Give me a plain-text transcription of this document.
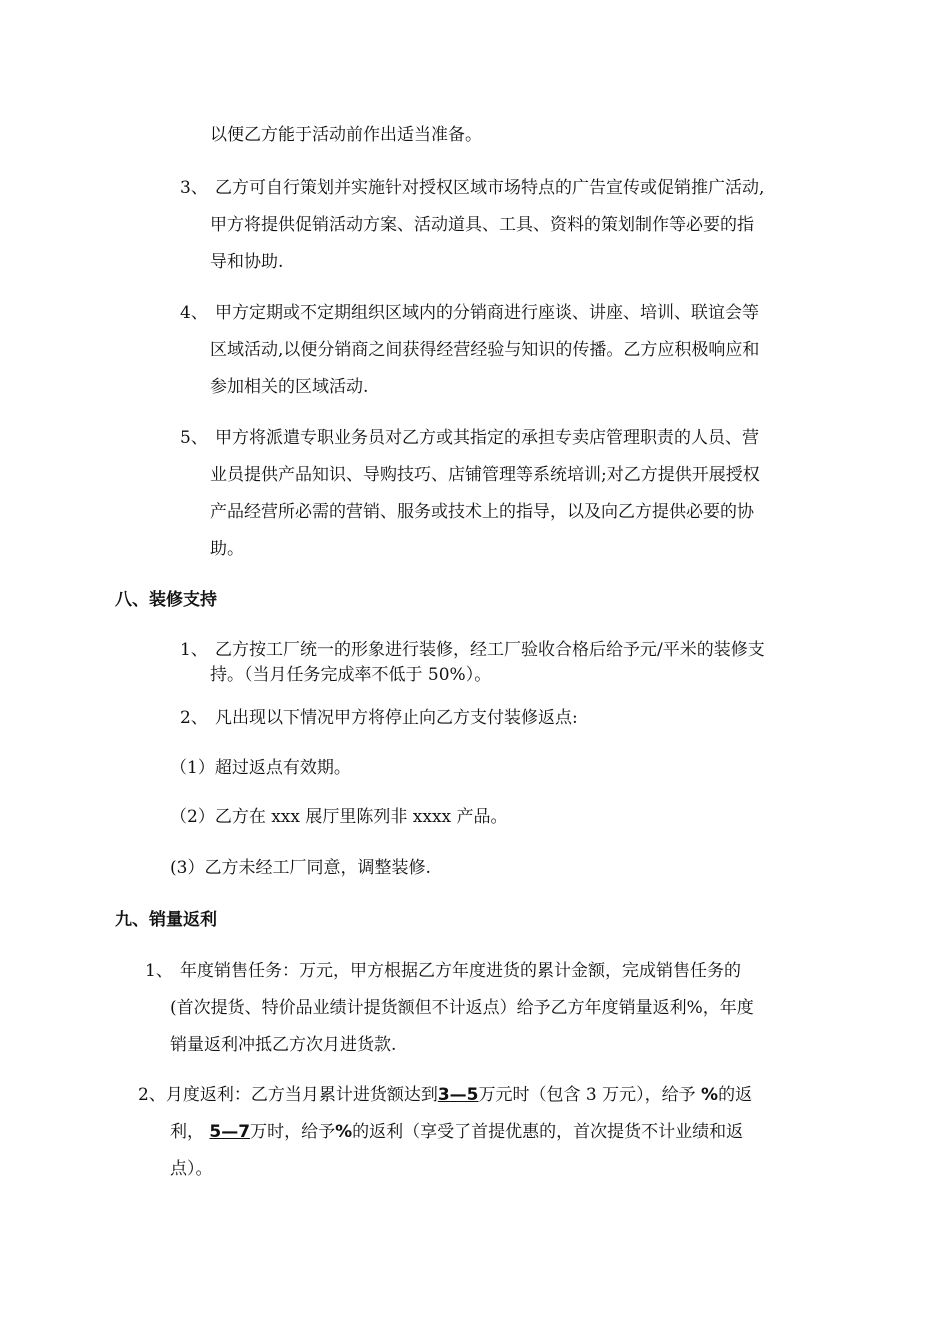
以便乙方能于活动前作出适当准备。
3、 乙方可自行策划并实施针对授权区域市场特点的广告宣传或促销推广活动,
甲方将提供促销活动方案、活动道具、工具、资料的策划制作等必要的指
导和协助.
4、 甲方定期或不定期组织区域内的分销商进行座谈、讲座、培训、联谊会等
区域活动,以便分销商之间获得经营经验与知识的传播。乙方应积极响应和
参加相关的区域活动.
5、 甲方将派遣专职业务员对乙方或其指定的承担专卖店管理职责的人员、营
业员提供产品知识、导购技巧、店铺管理等系统培训;对乙方提供开展授权
产品经营所必需的营销、服务或技术上的指导，以及向乙方提供必要的协
助。
八、装修支持
1、 乙方按工厂统一的形象进行装修，经工厂验收合格后给予元/平米的装修支
持。（当月任务完成率不低于 50%）。
2、 凡出现以下情况甲方将停止向乙方支付装修返点:
（1）超过返点有效期。
（2）乙方在 xxx 展厅里陈列非 xxxx 产品。
(3）乙方未经工厂同意，调整装修.
九、销量返利
1、 年度销售任务：万元，甲方根据乙方年度进货的累计金额，完成销售任务的
(首次提货、特价品业绩计提货额但不计返点）给予乙方年度销量返利%，年度
销量返利冲抵乙方次月进货款.
2、月度返利：乙方当月累计进货额达到3—5万元时（包含 3 万元），给予 %的返
利， 5—7万时，给予%的返利（享受了首提优惠的，首次提货不计业绩和返
点）。
